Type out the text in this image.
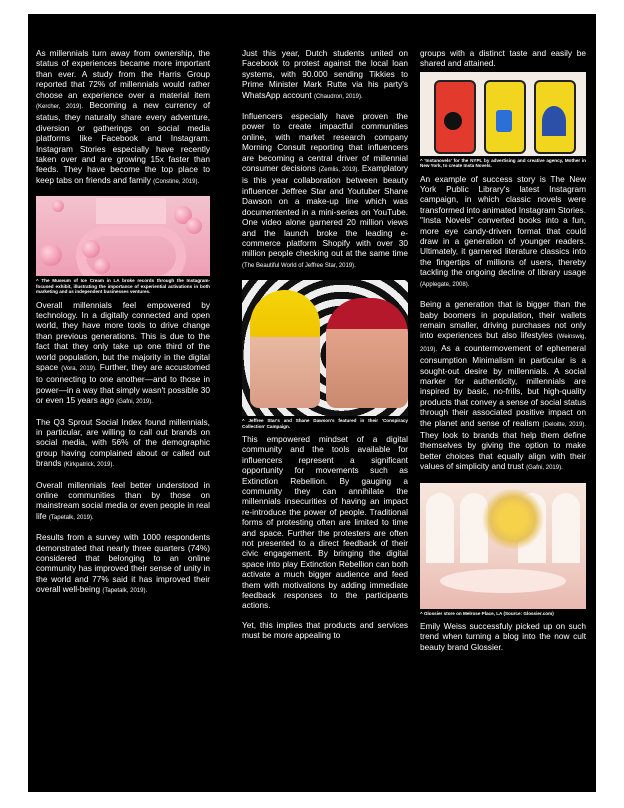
As millennials turn away from ownership, the status of experiences became more important than ever. A study from the Harris Group reported that 72% of millennials would rather choose an experience over a material item (Kercher, 2019). Becoming a new currency of status, they naturally share every adventure, diversion or gatherings on social media platforms like Facebook and Instagram. Instagram Stories especially have recently taken over and are growing 15x faster than feeds. They have become the top place to keep tabs on friends and family (Constine, 2019).

^ The Museum of Ice Cream in LA broke records through the Instagram-focused exhibit, illustrating the importance of experiential activations in both marketing and as independent businesses ventures.

Overall millennials feel empowered by technology. In a digitally connected and open world, they have more tools to drive change than previous generations. This is due to the fact that they only take up one third of the world population, but the majority in the digital space (Vora, 2019). Further, they are accustomed to connecting to one another—and to those in power—in a way that simply wasn't possible 30 or even 15 years ago (Gafni, 2019).

The Q3 Sprout Social Index found millennials, in particular, are willing to call out brands on social media, with 56% of the demographic group having complained about or called out brands (Kirkpatrick, 2019).

Overall millennials feel better understood in online communities than by those on mainstream social media or even people in real life (Tapetalk, 2019).

Results from a survey with 1000 respondents demonstrated that nearly three quarters (74%) considered that belonging to an online community has improved their sense of unity in the world and 77% said it has improved their overall well-being (Tapetalk, 2019).

Just this year, Dutch students united on Facebook to protest against the local loan systems, with 90.000 sending Tikkies to Prime Minister Mark Rutte via his party's WhatsApp account (Chaudron, 2019).

Influencers especially have proven the power to create impactful communities online, with market research company Morning Consult reporting that influencers are becoming a central driver of millennial consumer decisions (Zemlis, 2019). Examplatory is this year collaboration between beauty influencer Jeffree Star and Youtuber Shane Dawson on a make-up line which was documentented in a mini-series on YouTube. One video alone garnered 20 million views and the launch broke the leading e-commerce platform Shopify with over 30 million people checking out at the same time (The Beautiful World of Jeffree Star, 2019).

^ Jeffree Star's and Shane Dawson's featured in their 'Conspiracy Collection' Campaign.

This empowered mindset of a digital community and the tools available for influencers represent a significant opportunity for movements such as Extinction Rebellion. By gauging a community they can annihilate the millennials insecurities of having an impact re-introduce the power of people. Traditional forms of protesting often are limited to time and space. Further the protesters are often not presented to a direct feedback of their civic engagement. By bringing the digital space into play Extinction Rebellion can both activate a much bigger audience and feed them with motivations by adding immediate feedback responses to the participants actions.

Yet, this implies that products and services must be more appealing to

groups with a distinct taste and easily be shared and attained.

^ 'Instanovels' for the NYPL by advertising and creative agency, Mother in New York, to create Insta Novels.

An example of success story is The New York Public Library's latest Instagram campaign, in which classic novels were transformed into animated Instagram Stories. "Insta Novels" converted books into a fun, more eye candy-driven format that could draw in a generation of younger readers. Ultimately, it garnered literature classics into the fingertips of millions of users, thereby tackling the ongoing decline of library usage (Applegate, 2008).

Being a generation that is bigger than the baby boomers in population, their wallets remain smaller, driving purchases not only into experiences but also lifestyles (Weinswig, 2019). As a countermovement of ephemeral consumption Minimalism in particular is a sought-out desire by millennials. A social marker for authenticity, millennials are inspired by basic, no-frills, but high-quality products that convey a sense of social status through their associated positive impact on the planet and sense of realism (Deloitte, 2019). They look to brands that help them define themselves by giving the option to make better choices that equally align with their values of simplicity and trust (Gafni, 2019).

^ Glossier store on Melrose Place, LA (Source: Glossier.com)

Emily Weiss successfuly picked up on such trend when turning a blog into the now cult beauty brand Glossier.
